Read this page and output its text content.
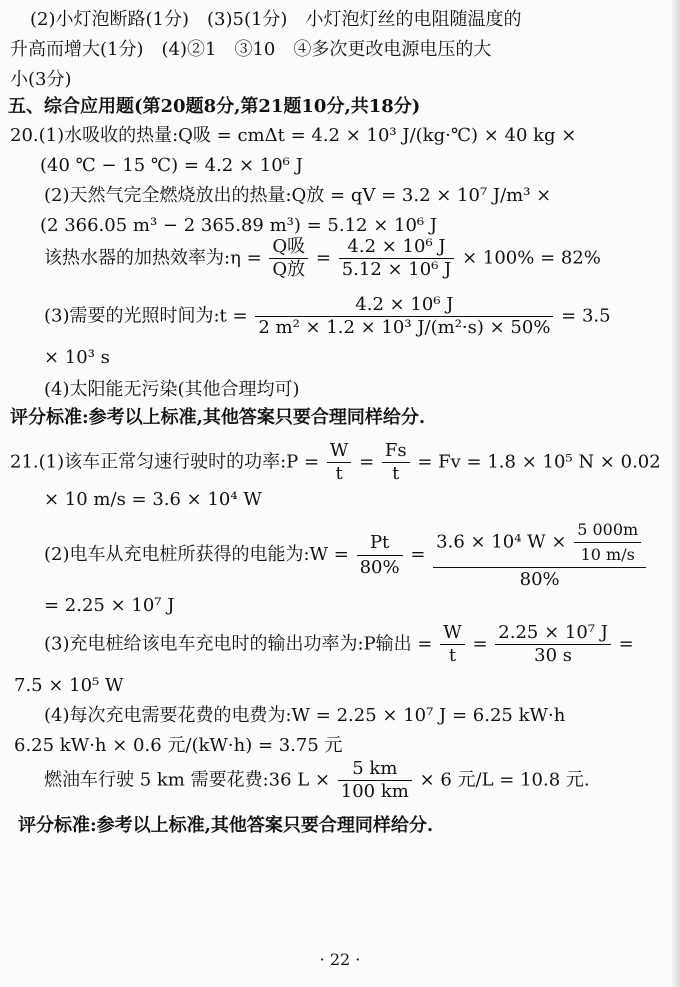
(2)小灯泡断路(1分)　(3)5(1分)　小灯泡灯丝的电阻随温度的
升高而增大(1分)　(4)②1　③10　④多次更改电源电压的大
小(3分)
五、综合应用题(第20题8分,第21题10分,共18分)
20.(1)水吸收的热量:Q吸 = cmΔt = 4.2 × 10³ J/(kg·℃) × 40 kg ×
(40 ℃ − 15 ℃) = 4.2 × 10⁶ J
(2)天然气完全燃烧放出的热量:Q放 = qV = 3.2 × 10⁷ J/m³ ×
(2 366.05 m³ − 2 365.89 m³) = 5.12 × 10⁶ J
该热水器的加热效率为:η = $\frac{\text{Q吸}}{\text{Q放}} = \frac{\text{4.2 × 10⁶ J}}{\text{5.12 × 10⁶ J}} \times 100\% = 82\%$
(3)需要的光照时间为:t = $\frac{\text{4.2 × 10⁶ J}}{\text{2 m² × 1.2 × 10³ J/(m²·s) × 50\%}} = 3.5$
× 10³ s
(4)太阳能无污染(其他合理均可)
评分标准:参考以上标准,其他答案只要合理同样给分.
21.(1)该车正常匀速行驶时的功率:P = $\frac{W}{t} = \frac{Fs}{t} = Fv = 1.8 \times 10^5$ N × 0.02
× 10 m/s = 3.6 × 10⁴ W
(2)电车从充电桩所获得的电能为:W = $\frac{Pt}{80\%} = \frac{3.6 \times 10^4 W \times \frac{5 000m}{10 m/s}}{80\%}$
= 2.25 × 10⁷ J
(3)充电桩给该电车充电时的输出功率为:P输出 = $\frac{W}{t} = \frac{\text{2.25 × 10⁷ J}}{30 s}$ =
7.5 × 10⁵ W
(4)每次充电需要花费的电费为:W = 2.25 × 10⁷ J = 6.25 kW·h
6.25 kW·h × 0.6 元/(kW·h) = 3.75 元
燃油车行驶 5 km 需要花费:36 $L \times \frac{5 km}{100 km} \times 6$ 元/L = 10.8 元.
评分标准:参考以上标准,其他答案只要合理同样给分.
· 22 ·
